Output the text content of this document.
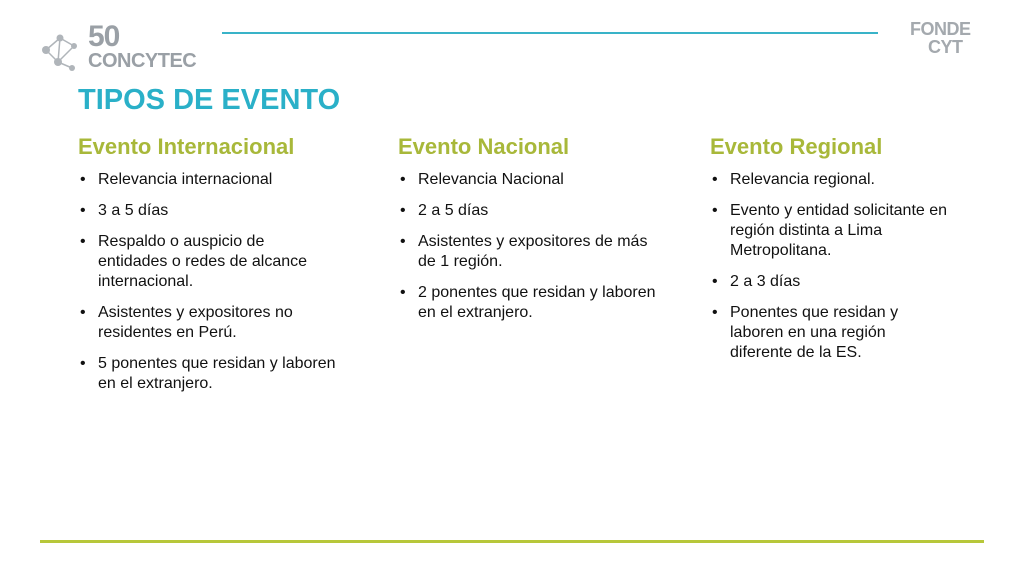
50
CONCYTEC
FONDE
CYT
TIPOS DE EVENTO
Evento Internacional
• Relevancia internacional
• 3 a 5 días
• Respaldo o auspicio de entidades o redes de alcance internacional.
• Asistentes y expositores no residentes en Perú.
• 5 ponentes que residan y laboren en el extranjero.
Evento Nacional
• Relevancia Nacional
• 2 a 5 días
• Asistentes y expositores de más de 1 región.
• 2 ponentes que residan y laboren en el extranjero.
Evento Regional
• Relevancia regional.
• Evento y entidad solicitante en región distinta a Lima Metropolitana.
• 2 a 3 días
• Ponentes que residan y laboren en una región diferente de la ES.
